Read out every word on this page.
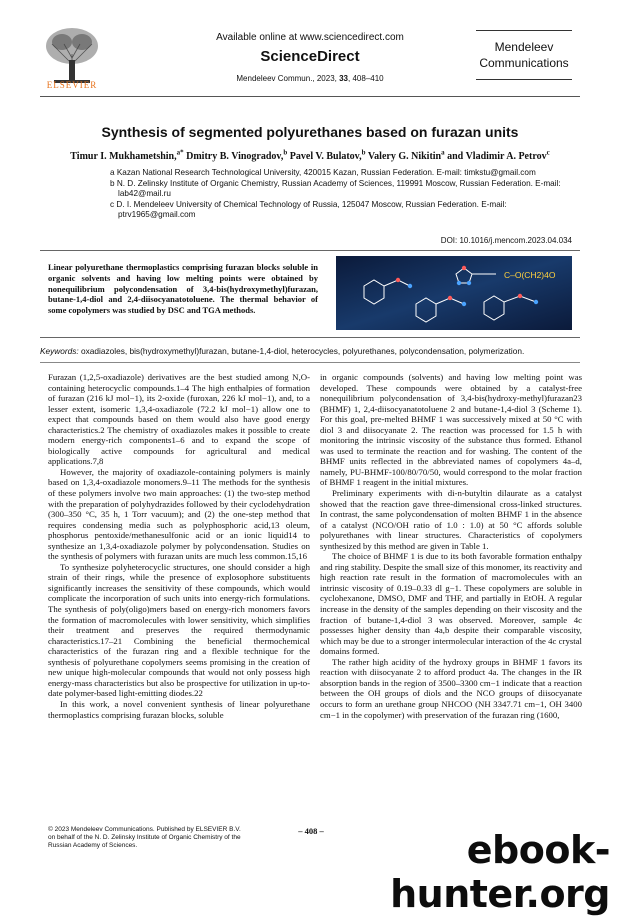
ELSEVIER
Available online at www.sciencedirect.com
ScienceDirect
Mendeleev Commun., 2023, 33, 408–410
Mendeleev
Communications
Synthesis of segmented polyurethanes based on furazan units
Timur I. Mukhametshin,$^{a*}$ Dmitry B. Vinogradov,$^b$ Pavel V. Bulatov,$^b$ Valery G. Nikitin$^a$ and Vladimir A. Petrov$^c$
a Kazan National Research Technological University, 420015 Kazan, Russian Federation. E-mail: timkstu@gmail.com
b N. D. Zelinsky Institute of Organic Chemistry, Russian Academy of Sciences, 119991 Moscow, Russian Federation. E-mail: lab42@mail.ru
c D. I. Mendeleev University of Chemical Technology of Russia, 125047 Moscow, Russian Federation. E-mail: ptrv1965@gmail.com
DOI: 10.1016/j.mencom.2023.04.034
Linear polyurethane thermoplastics comprising furazan blocks soluble in organic solvents and having low melting points were obtained by nonequilibrium polycondensation of 3,4-bis(hydroxymethyl)furazan, butane-1,4-diol and 2,4-diisocyanatotoluene. The thermal behavior of some copolymers was studied by DSC and TGA methods.
C–O(CH2)4O
Keywords: oxadiazoles, bis(hydroxymethyl)furazan, butane-1,4-diol, heterocycles, polyurethanes, polycondensation, polymerization.

Furazan (1,2,5-oxadiazole) derivatives are the best studied among N,O-containing heterocyclic compounds.1–4 The high enthalpies of formation of furazan (216 kJ mol−1), its 2-oxide (furoxan, 226 kJ mol−1), and, to a lesser extent, isomeric 1,3,4-oxadiazole (72.2 kJ mol−1) allow one to expect that compounds based on them would also have good energy characteristics.2 The chemistry of oxadiazoles makes it possible to create modern energy-rich components1–6 and to expand the scope of biologically active compounds for agricultural and medical applications.7,8

However, the majority of oxadiazole-containing polymers is mainly based on 1,3,4-oxadiazole monomers.9–11 The methods for the synthesis of these polymers involve two main approaches: (1) the two-step method with the preparation of polyhydrazides followed by their cyclodehydration (300–350 °C, 35 h, 1 Torr vacuum); and (2) the one-step method that requires condensing media such as polyphosphoric acid,13 oleum, phosphorus pentoxide/methanesulfonic acid or an ionic liquid14 to synthesize an 1,3,4-oxadiazole polymer by polycondensation. Studies on the synthesis of polymers with furazan units are much less common.15,16

To synthesize polyheterocyclic structures, one should consider a high strain of their rings, while the presence of explosophore substituents significantly increases the sensitivity of these compounds, which would complicate the incorporation of such units into energy-rich formulations. The synthesis of poly(oligo)mers based on energy-rich monomers favors the formation of macromolecules with lower sensitivity, which simplifies their treatment and preserves the required thermodynamic characteristics.17–21 Combining the beneficial thermochemical characteristics of the furazan ring and a flexible technique for the synthesis of polyurethane copolymers seems promising in the creation of new unique high-molecular compounds that would not only possess high energy-mass characteristics but also be prospective for utilization in up-to-date polymer-based light-emitting diodes.22

In this work, a novel convenient synthesis of linear polyurethane thermoplastics comprising furazan blocks, soluble

in organic compounds (solvents) and having low melting point was developed. These compounds were obtained by a catalyst-free nonequilibrium polycondensation of 3,4-bis(hydroxy-methyl)furazan23 (BHMF) 1, 2,4-diisocyanatotoluene 2 and butane-1,4-diol 3 (Scheme 1). For this goal, pre-melted BHMF 1 was successively mixed at 50 °C with diol 3 and diisocyanate 2. The reaction was processed for 1.5 h with monitoring the intrinsic viscosity of the substance thus formed. Ethanol was used to terminate the reaction and for washing. The content of the BHMF units reflected in the abbreviated names of copolymers 4a–d, namely, PU-BHMF-100/80/70/50, would correspond to the molar fraction of BHMF 1 reagent in the initial mixtures.

Preliminary experiments with di-n-butyltin dilaurate as a catalyst showed that the reaction gave three-dimensional cross-linked structures. In contrast, the same polycondensation of molten BHMF 1 in the absence of a catalyst (NCO/OH ratio of 1.0 : 1.0) at 50 °C affords soluble polyurethanes with linear structures. Characteristics of copolymers synthesized by this method are given in Table 1.

The choice of BHMF 1 is due to its both favorable formation enthalpy and ring stability. Despite the small size of this monomer, its reactivity and high reaction rate result in the formation of macromolecules with an intrinsic viscosity of 0.19–0.33 dl g−1. These copolymers are soluble in cyclohexanone, DMSO, DMF and THF, and partially in EtOH. A regular increase in the density of the samples depending on their viscosity and the fraction of butane-1,4-diol 3 was observed. Moreover, sample 4c possesses higher density than 4a,b despite their comparable viscosity, which may be due to a stronger intermolecular interaction of the 4c crystal domains formed.

The rather high acidity of the hydroxy groups in BHMF 1 favors its reaction with diisocyanate 2 to afford product 4a. The changes in the IR absorption bands in the region of 3500–3300 cm−1 indicate that a reaction between the OH groups of diols and the NCO groups of diisocyanate occurs to form an urethane group NHCOO (NH 3347.71 cm−1, OH 3400 cm−1 in the copolymer) with preservation of the furazan ring (1600,

© 2023 Mendeleev Communications. Published by ELSEVIER B.V.
on behalf of the N. D. Zelinsky Institute of Organic Chemistry of the
Russian Academy of Sciences.
– 408 –	ebook-hunter.org
